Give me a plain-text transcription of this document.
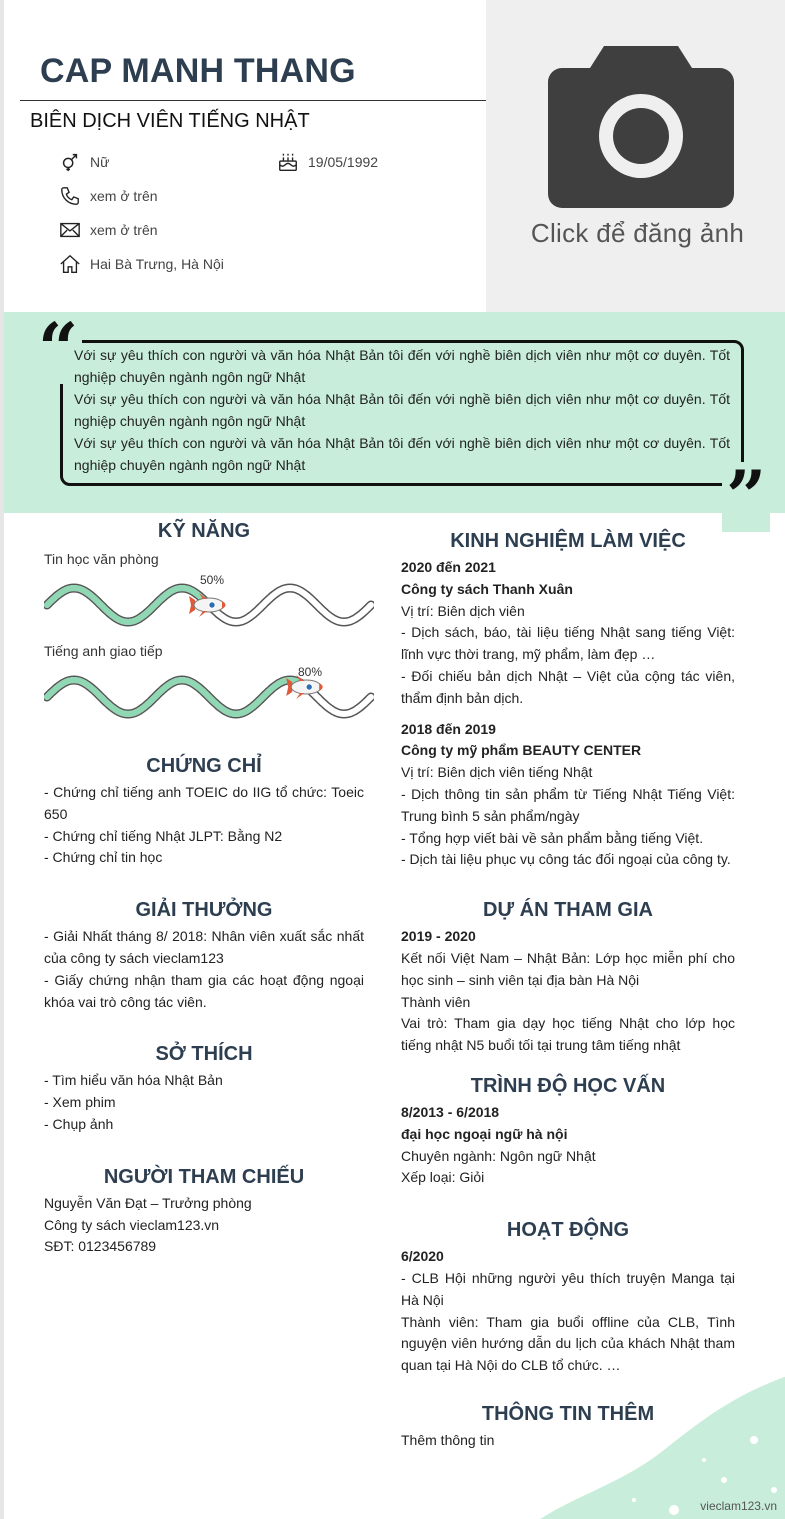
CAP MANH THANG
BIÊN DỊCH VIÊN TIẾNG NHẬT
Nữ	19/05/1992
xem ở trên
xem ở trên
Hai Bà Trưng, Hà Nội
Click để đăng ảnh
“
”

Với sự yêu thích con người và văn hóa Nhật Bản tôi đến với nghề biên dịch viên như một cơ duyên. Tốt nghiệp chuyên ngành ngôn ngữ Nhật

Với sự yêu thích con người và văn hóa Nhật Bản tôi đến với nghề biên dịch viên như một cơ duyên. Tốt nghiệp chuyên ngành ngôn ngữ Nhật

Với sự yêu thích con người và văn hóa Nhật Bản tôi đến với nghề biên dịch viên như một cơ duyên. Tốt nghiệp chuyên ngành ngôn ngữ Nhật

KỸ NĂNG
Tin học văn phòng
50%
Tiếng anh giao tiếp
80%
CHỨNG CHỈ

- Chứng chỉ tiếng anh TOEIC do IIG tổ chức: Toeic 650

- Chứng chỉ tiếng Nhật JLPT: Bằng N2

- Chứng chỉ tin học

GIẢI THƯỞNG

- Giải Nhất tháng 8/ 2018: Nhân viên xuất sắc nhất của công ty sách vieclam123

- Giấy chứng nhận tham gia các hoạt động ngoại khóa vai trò công tác viên.

SỞ THÍCH

- Tìm hiểu văn hóa Nhật Bản

- Xem phim

- Chụp ảnh

NGƯỜI THAM CHIẾU

Nguyễn Văn Đạt – Trưởng phòng

Công ty sách vieclam123.vn

SĐT: 0123456789

KINH NGHIỆM LÀM VIỆC

2020 đến 2021

Công ty sách Thanh Xuân

Vị trí: Biên dịch viên

- Dịch sách, báo, tài liệu tiếng Nhật sang tiếng Việt: lĩnh vực thời trang, mỹ phẩm, làm đẹp …

- Đối chiếu bản dịch Nhật – Việt của cộng tác viên, thẩm định bản dịch.

2018 đến 2019

Công ty mỹ phẩm BEAUTY CENTER

Vị trí: Biên dịch viên tiếng Nhật

- Dịch thông tin sản phẩm từ Tiếng Nhật Tiếng Việt: Trung bình 5 sản phẩm/ngày

- Tổng hợp viết bài về sản phẩm bằng tiếng Việt.

- Dịch tài liệu phục vụ công tác đối ngoại của công ty.

DỰ ÁN THAM GIA

2019 - 2020

Kết nối Việt Nam – Nhật Bản: Lớp học miễn phí cho học sinh – sinh viên tại địa bàn Hà Nội

Thành viên

Vai trò: Tham gia dạy học tiếng Nhật cho lớp học tiếng nhật N5 buổi tối tại trung tâm tiếng nhật

TRÌNH ĐỘ HỌC VẤN

8/2013 - 6/2018

đại học ngoại ngữ hà nội

Chuyên ngành: Ngôn ngữ Nhật

Xếp loại: Giỏi

HOẠT ĐỘNG

6/2020

- CLB Hội những người yêu thích truyện Manga tại Hà Nội

Thành viên: Tham gia buổi offline của CLB, Tình nguyện viên hướng dẫn du lịch của khách Nhật tham quan tại Hà Nội do CLB tổ chức. …

THÔNG TIN THÊM

Thêm thông tin

vieclam123.vn
